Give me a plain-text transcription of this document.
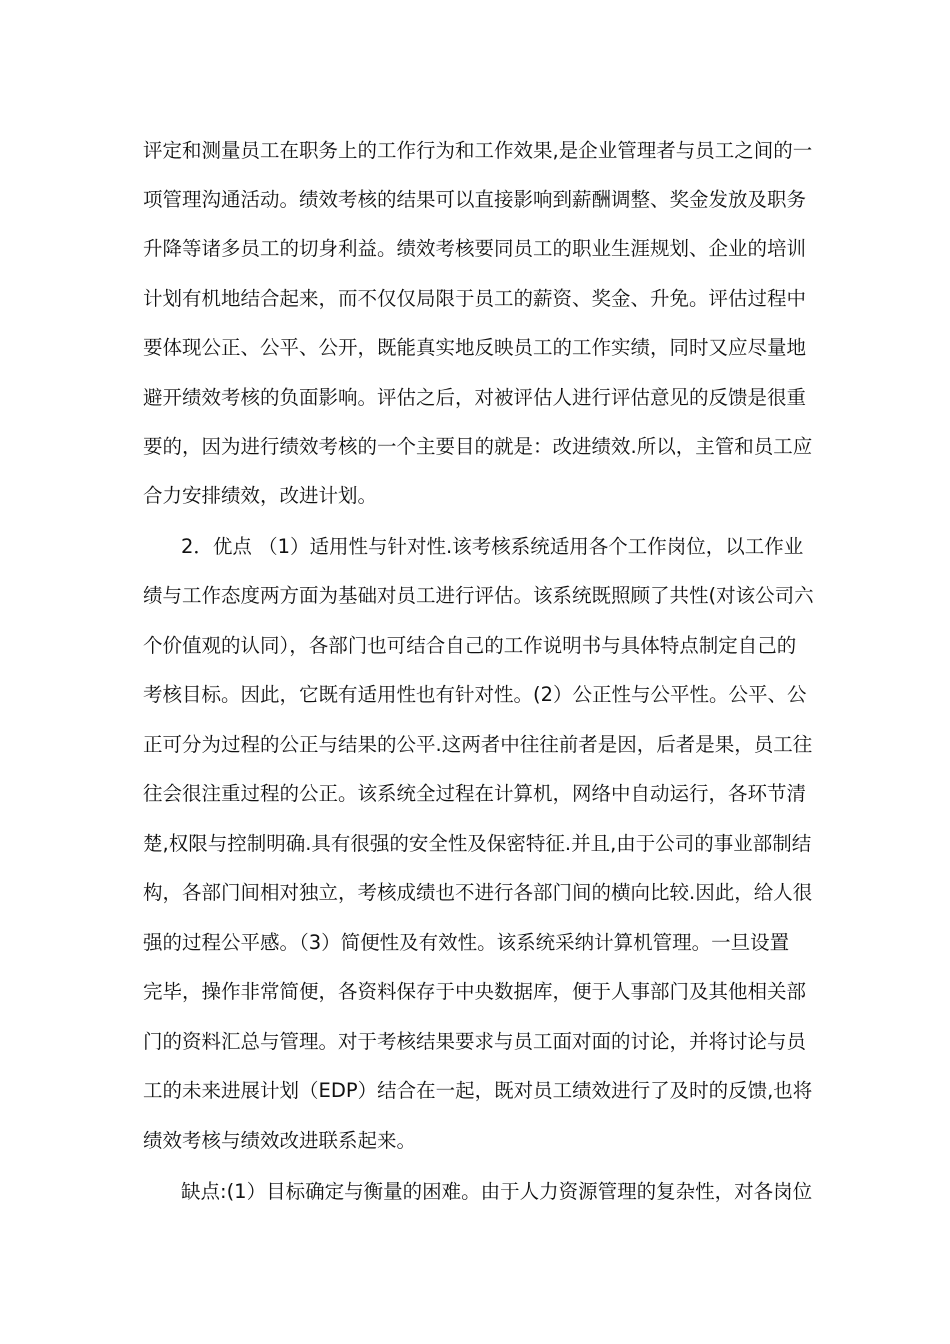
评定和测量员工在职务上的工作行为和工作效果,是企业管理者与员工之间的一
项管理沟通活动。绩效考核的结果可以直接影响到薪酬调整、奖金发放及职务
升降等诸多员工的切身利益。绩效考核要同员工的职业生涯规划、企业的培训
计划有机地结合起来，而不仅仅局限于员工的薪资、奖金、升免。评估过程中
要体现公正、公平、公开，既能真实地反映员工的工作实绩，同时又应尽量地
避开绩效考核的负面影响。评估之后，对被评估人进行评估意见的反馈是很重
要的，因为进行绩效考核的一个主要目的就是：改进绩效.所以，主管和员工应
合力安排绩效，改进计划。
2．优点 （1）适用性与针对性.该考核系统适用各个工作岗位，以工作业
绩与工作态度两方面为基础对员工进行评估。该系统既照顾了共性(对该公司六
个价值观的认同），各部门也可结合自己的工作说明书与具体特点制定自己的
考核目标。因此，它既有适用性也有针对性。(2）公正性与公平性。公平、公
正可分为过程的公正与结果的公平.这两者中往往前者是因，后者是果，员工往
往会很注重过程的公正。该系统全过程在计算机，网络中自动运行，各环节清
楚,权限与控制明确.具有很强的安全性及保密特征.并且,由于公司的事业部制结
构，各部门间相对独立，考核成绩也不进行各部门间的横向比较.因此，给人很
强的过程公平感。（3）简便性及有效性。该系统采纳计算机管理。一旦设置
完毕，操作非常简便，各资料保存于中央数据库，便于人事部门及其他相关部
门的资料汇总与管理。对于考核结果要求与员工面对面的讨论，并将讨论与员
工的未来进展计划（EDP）结合在一起，既对员工绩效进行了及时的反馈,也将
绩效考核与绩效改进联系起来。
缺点:(1）目标确定与衡量的困难。由于人力资源管理的复杂性，对各岗位
